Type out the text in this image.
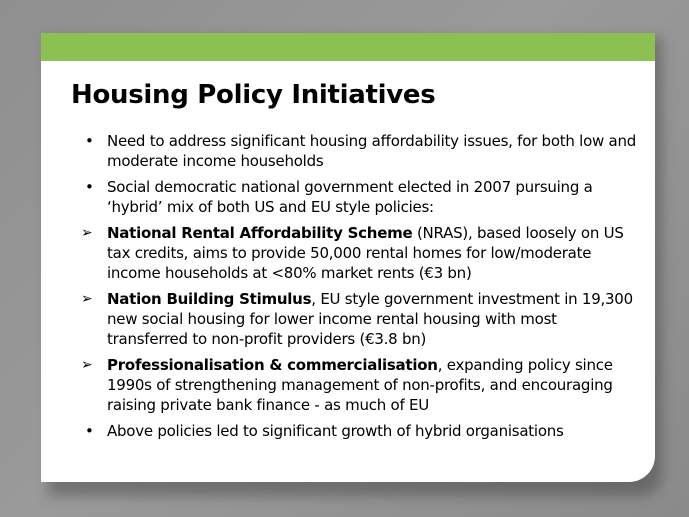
Housing Policy Initiatives
• Need to address significant housing affordability issues, for both low and moderate income households
• Social democratic national government elected in 2007 pursuing a ‘hybrid’ mix of both US and EU style policies:
➢ National Rental Affordability Scheme (NRAS), based loosely on US tax credits, aims to provide 50,000 rental homes for low/moderate income households at <80% market rents (€3 bn)
➢ Nation Building Stimulus, EU style government investment in 19,300 new social housing for lower income rental housing with most transferred to non-profit providers (€3.8 bn)
➢ Professionalisation & commercialisation, expanding policy since 1990s of strengthening management of non-profits, and encouraging raising private bank finance - as much of EU
• Above policies led to significant growth of hybrid organisations
